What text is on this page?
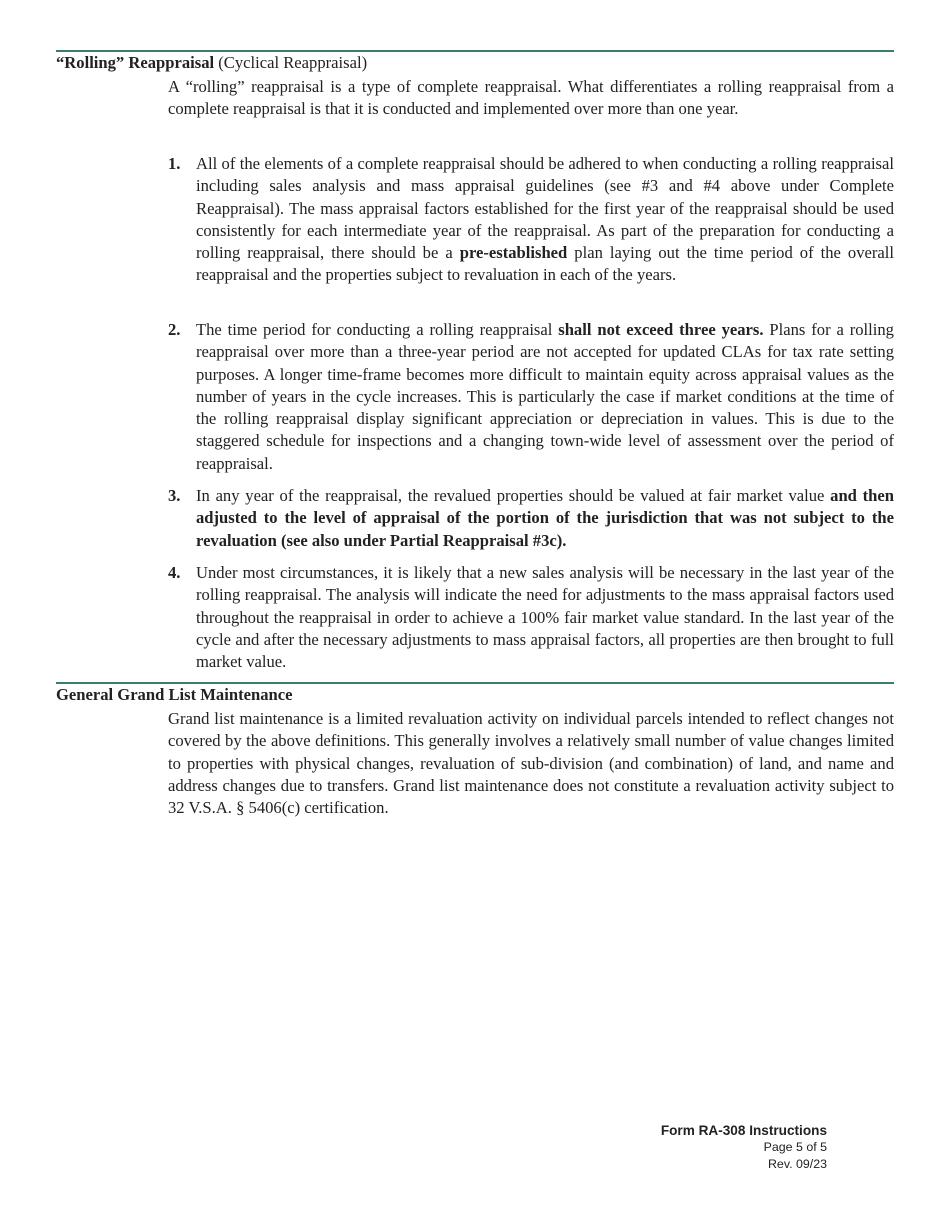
“Rolling” Reappraisal (Cyclical Reappraisal)

A “rolling” reappraisal is a type of complete reappraisal. What differentiates a rolling reappraisal from a complete reappraisal is that it is conducted and implemented over more than one year.

1. All of the elements of a complete reappraisal should be adhered to when conducting a rolling reappraisal including sales analysis and mass appraisal guidelines (see #3 and #4 above under Complete Reappraisal). The mass appraisal factors established for the first year of the reappraisal should be used consistently for each intermediate year of the reappraisal. As part of the preparation for conducting a rolling reappraisal, there should be a pre-established plan laying out the time period of the overall reappraisal and the properties subject to revaluation in each of the years.
2. The time period for conducting a rolling reappraisal shall not exceed three years. Plans for a rolling reappraisal over more than a three-year period are not accepted for updated CLAs for tax rate setting purposes. A longer time-frame becomes more difficult to maintain equity across appraisal values as the number of years in the cycle increases. This is particularly the case if market conditions at the time of the rolling reappraisal display significant appreciation or depreciation in values. This is due to the staggered schedule for inspections and a changing town-wide level of assessment over the period of reappraisal.
3. In any year of the reappraisal, the revalued properties should be valued at fair market value and then adjusted to the level of appraisal of the portion of the jurisdiction that was not subject to the revaluation (see also under Partial Reappraisal #3c).
4. Under most circumstances, it is likely that a new sales analysis will be necessary in the last year of the rolling reappraisal. The analysis will indicate the need for adjustments to the mass appraisal factors used throughout the reappraisal in order to achieve a 100% fair market value standard. In the last year of the cycle and after the necessary adjustments to mass appraisal factors, all properties are then brought to full market value.
General Grand List Maintenance

Grand list maintenance is a limited revaluation activity on individual parcels intended to reflect changes not covered by the above definitions. This generally involves a relatively small number of value changes limited to properties with physical changes, revaluation of sub-division (and combination) of land, and name and address changes due to transfers. Grand list maintenance does not constitute a revaluation activity subject to 32 V.S.A. § 5406(c) certification.

Form RA-308 Instructions
Page 5 of 5
Rev. 09/23
